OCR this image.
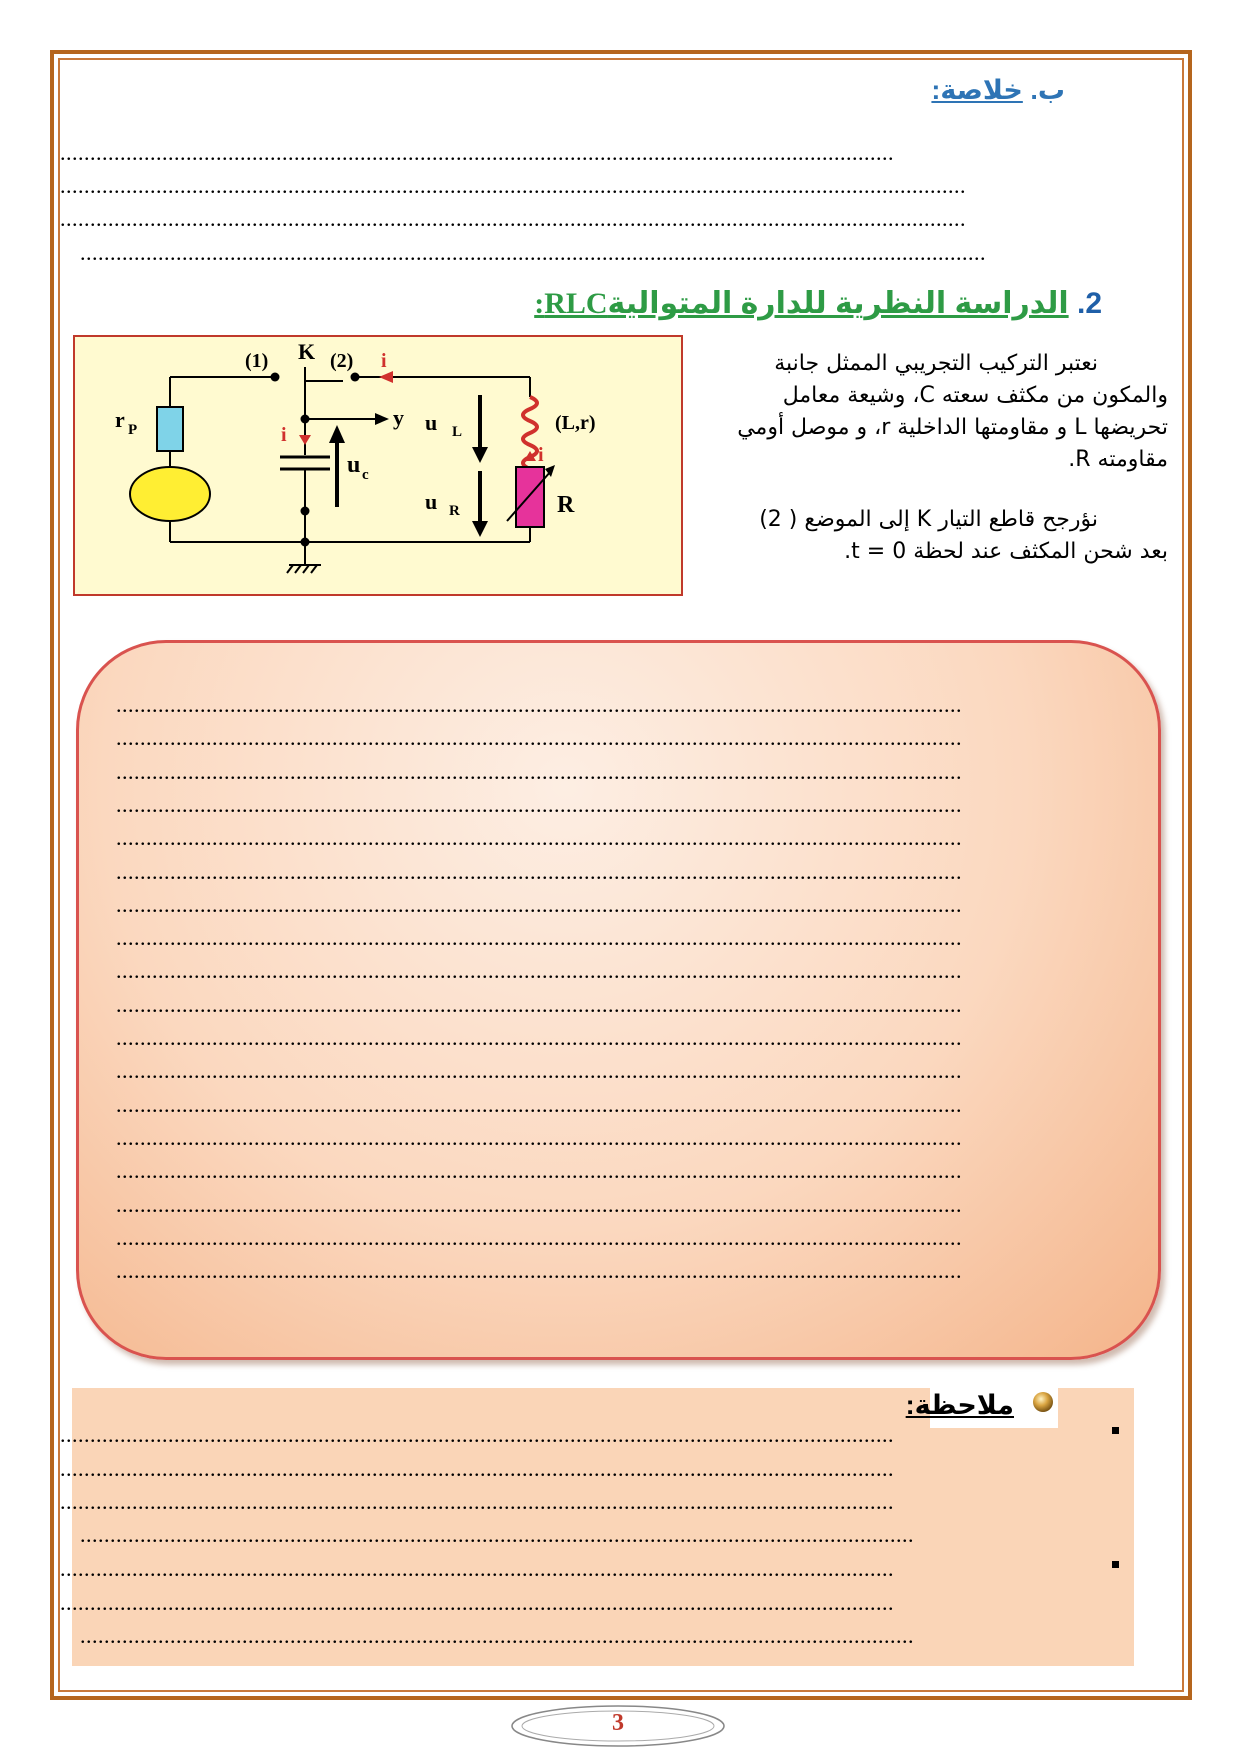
ب. خلاصة:
...........................................................................................................................................
.......................................................................................................................................................
.......................................................................................................................................................
.......................................................................................................................................................
2. الدراسة النظرية للدارة المتواليةRLC:
r P
(1) K (2)
y
i
u c
i
u L
u R
(L,r)
i
R
نعتبر التركيب التجريبي الممثل جانبة
والمكون من مكثف سعته C، وشيعة معامل
تحريضها L و مقاومتها الداخلية r، و موصل أومي
مقاومته R.
نؤرجح قاطع التيار K إلى الموضع ( 2)
بعد شحن المكثف عند لحظة t = 0.
.............................................................................................................................................
.............................................................................................................................................
.............................................................................................................................................
.............................................................................................................................................
.............................................................................................................................................
.............................................................................................................................................
.............................................................................................................................................
.............................................................................................................................................
.............................................................................................................................................
.............................................................................................................................................
.............................................................................................................................................
.............................................................................................................................................
.............................................................................................................................................
.............................................................................................................................................
.............................................................................................................................................
.............................................................................................................................................
.............................................................................................................................................
.............................................................................................................................................
ملاحظة:
...........................................................................................................................................
...........................................................................................................................................
...........................................................................................................................................
...........................................................................................................................................
...........................................................................................................................................
...........................................................................................................................................
...........................................................................................................................................
3
